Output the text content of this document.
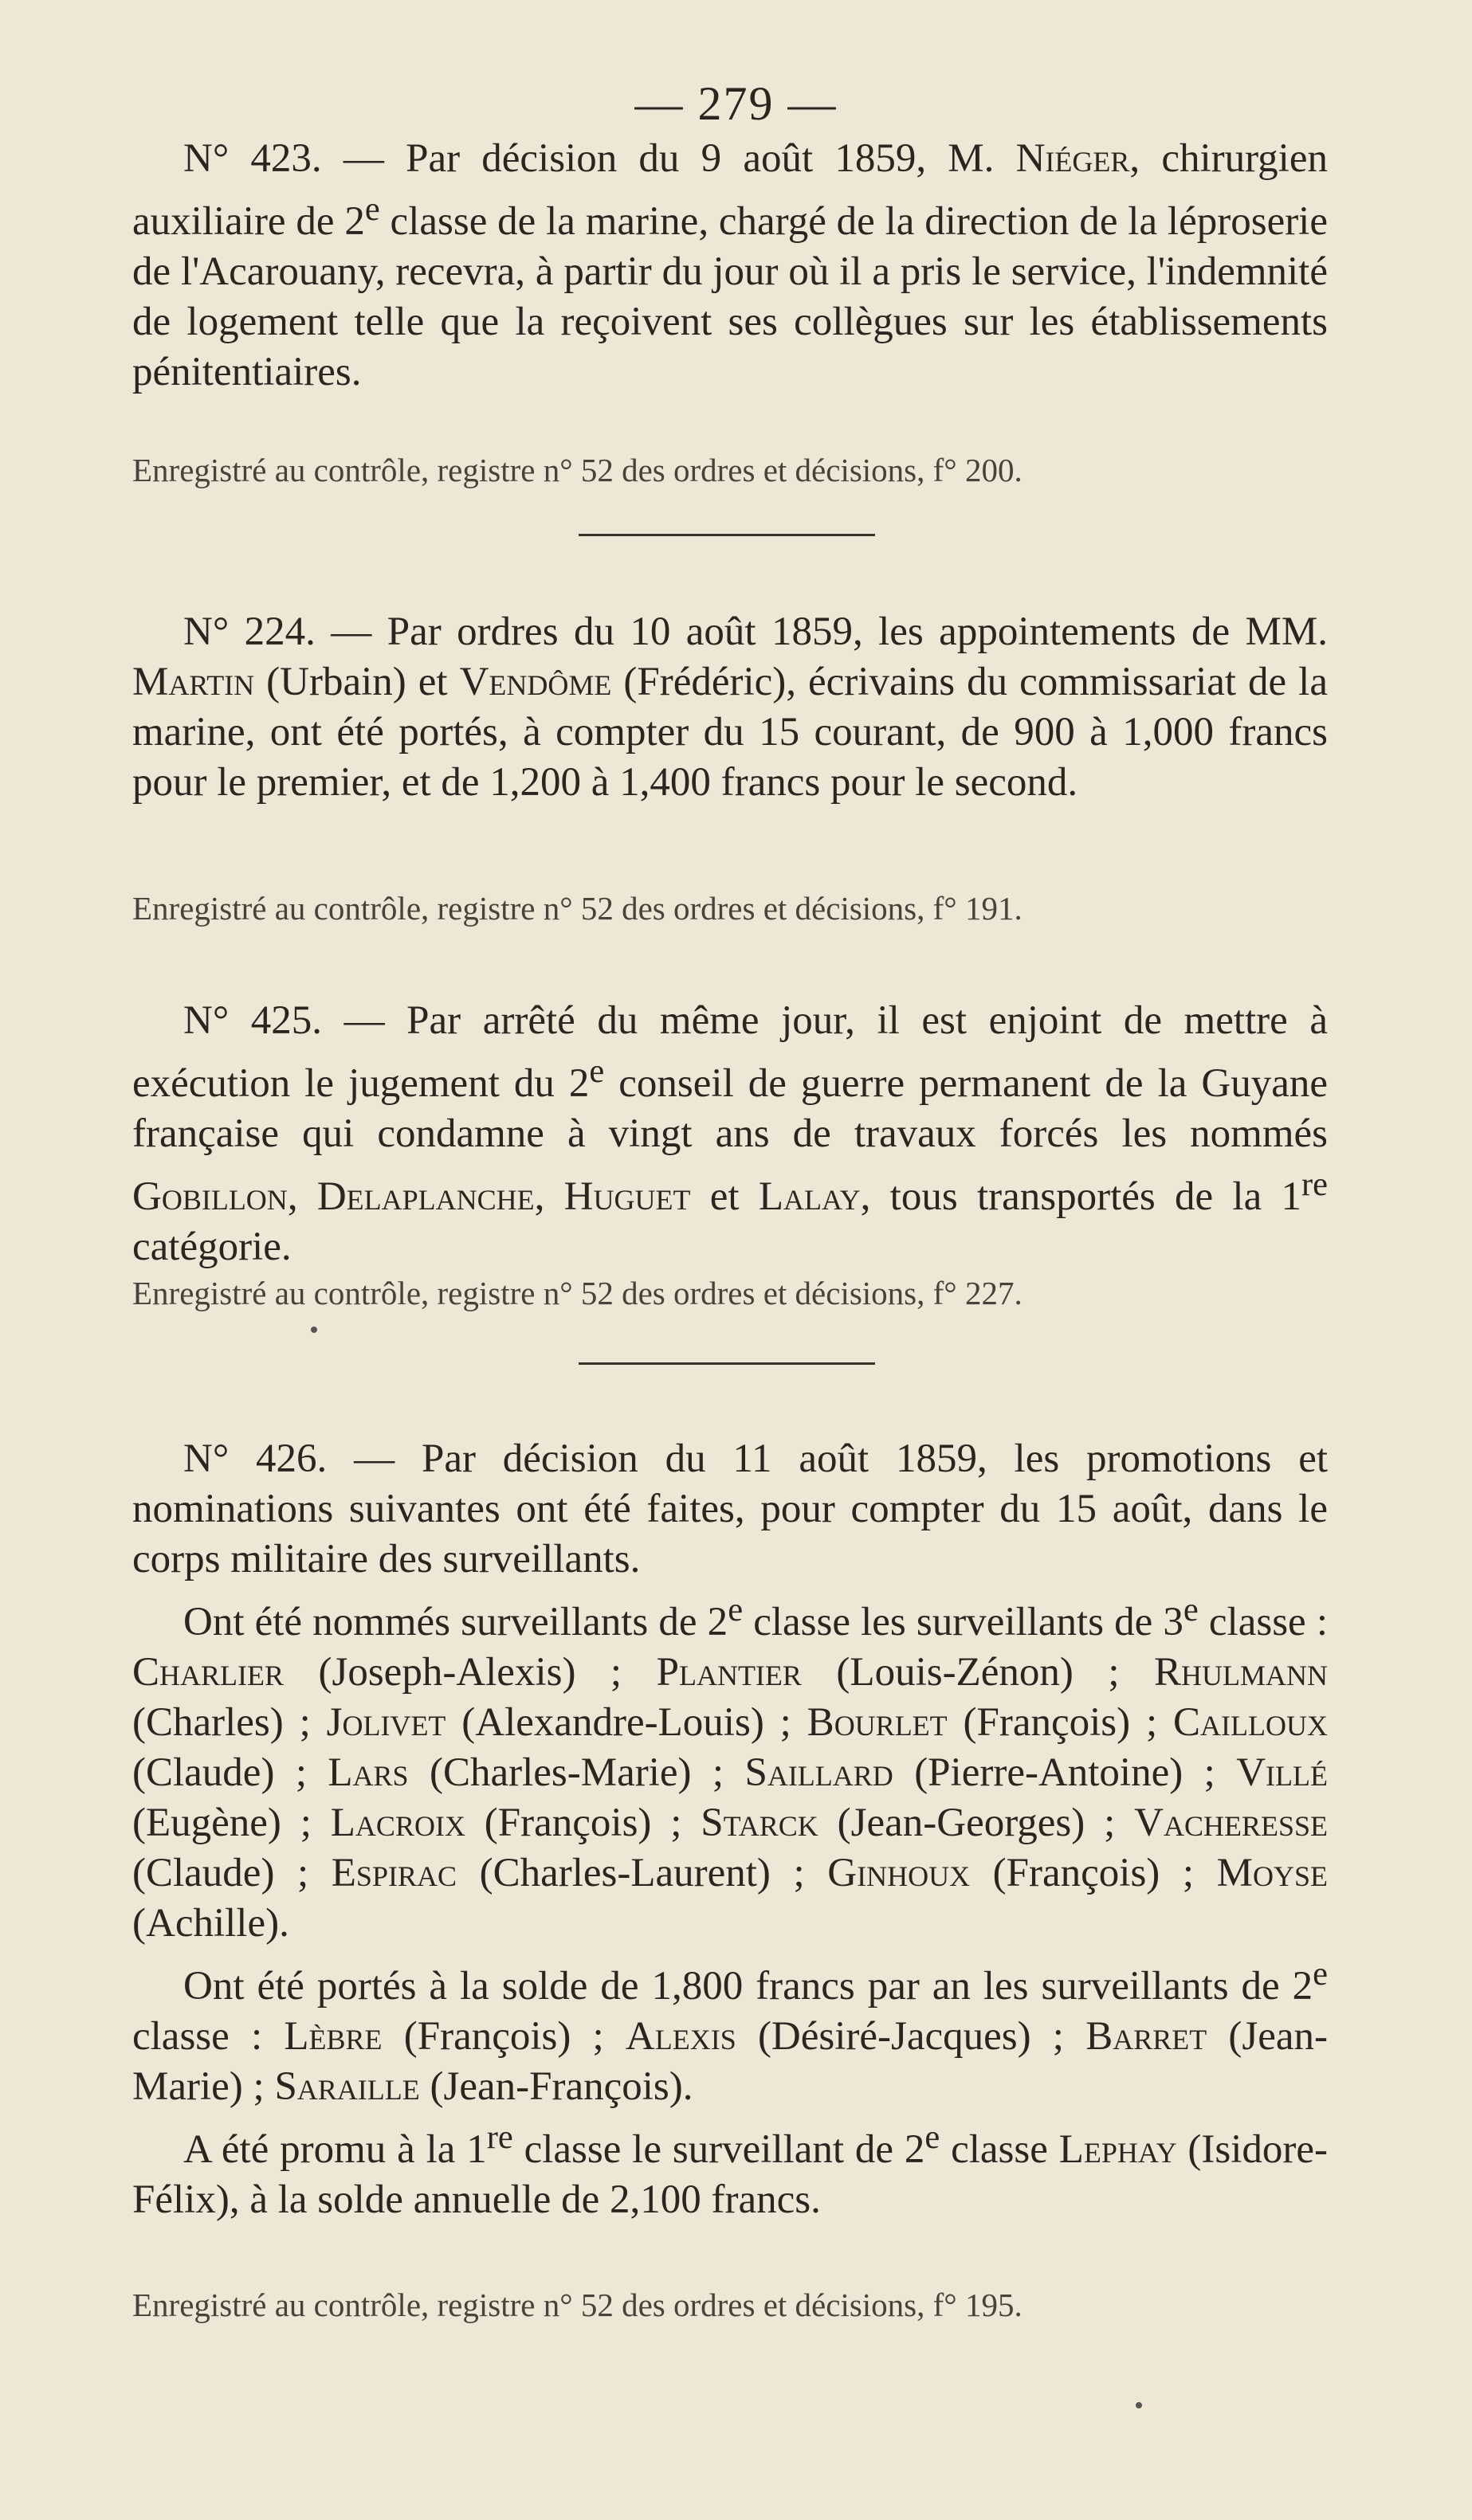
— 279 —

N° 423. — Par décision du 9 août 1859, M. Niéger, chirurgien auxiliaire de 2e classe de la marine, chargé de la direction de la léproserie de l'Acarouany, recevra, à partir du jour où il a pris le service, l'indemnité de logement telle que la reçoivent ses collègues sur les établissements pénitentiaires.

Enregistré au contrôle, registre n° 52 des ordres et décisions, f° 200.

N° 224. — Par ordres du 10 août 1859, les appointements de MM. Martin (Urbain) et Vendôme (Frédéric), écrivains du commissariat de la marine, ont été portés, à compter du 15 courant, de 900 à 1,000 francs pour le premier, et de 1,200 à 1,400 francs pour le second.

Enregistré au contrôle, registre n° 52 des ordres et décisions, f° 191.

N° 425. — Par arrêté du même jour, il est enjoint de mettre à exécution le jugement du 2e conseil de guerre permanent de la Guyane française qui condamne à vingt ans de travaux forcés les nommés Gobillon, Delaplanche, Huguet et Lalay, tous transportés de la 1re catégorie.

Enregistré au contrôle, registre n° 52 des ordres et décisions, f° 227.

N° 426. — Par décision du 11 août 1859, les promotions et nominations suivantes ont été faites, pour compter du 15 août, dans le corps militaire des surveillants.

Ont été nommés surveillants de 2e classe les surveillants de 3e classe : Charlier (Joseph-Alexis) ; Plantier (Louis-Zénon) ; Rhulmann (Charles) ; Jolivet (Alexandre-Louis) ; Bourlet (François) ; Cailloux (Claude) ; Lars (Charles-Marie) ; Saillard (Pierre-Antoine) ; Villé (Eugène) ; Lacroix (François) ; Starck (Jean-Georges) ; Vacheresse (Claude) ; Espirac (Charles-Laurent) ; Ginhoux (François) ; Moyse (Achille).

Ont été portés à la solde de 1,800 francs par an les surveillants de 2e classe : Lèbre (François) ; Alexis (Désiré-Jacques) ; Barret (Jean-Marie) ; Saraille (Jean-François).

A été promu à la 1re classe le surveillant de 2e classe Lephay (Isidore-Félix), à la solde annuelle de 2,100 francs.

Enregistré au contrôle, registre n° 52 des ordres et décisions, f° 195.
